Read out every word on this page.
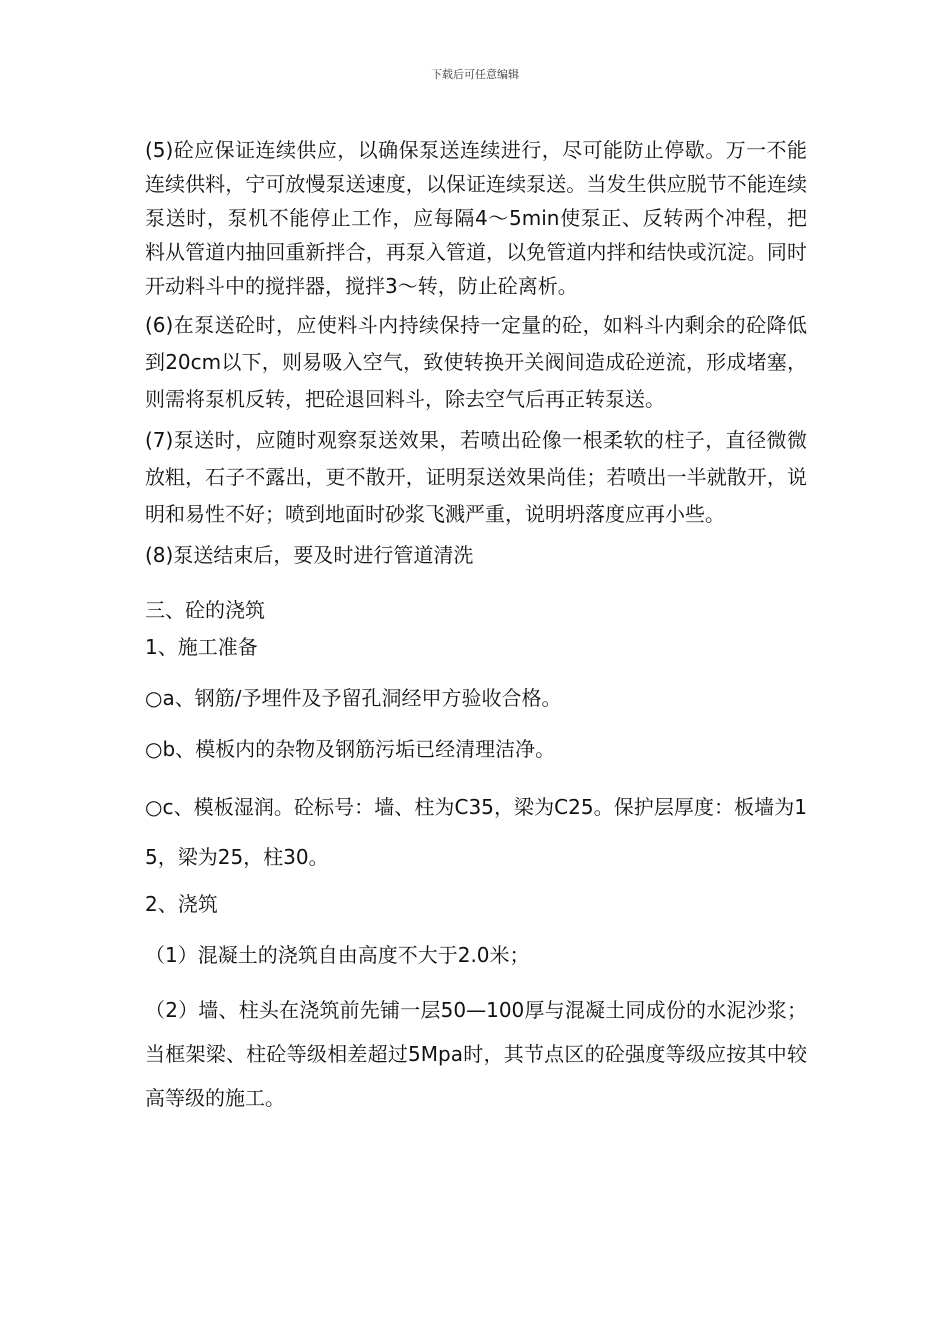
下载后可任意编辑

(5)砼应保证连续供应，以确保泵送连续进行，尽可能防止停歇。万一不能连续供料，宁可放慢泵送速度，以保证连续泵送。当发生供应脱节不能连续泵送时，泵机不能停止工作，应每隔4～5min使泵正、反转两个冲程，把料从管道内抽回重新拌合，再泵入管道，以免管道内拌和结快或沉淀。同时开动料斗中的搅拌器，搅拌3～转，防止砼离析。

(6)在泵送砼时，应使料斗内持续保持一定量的砼，如料斗内剩余的砼降低到20cm以下，则易吸入空气，致使转换开关阀间造成砼逆流，形成堵塞，则需将泵机反转，把砼退回料斗，除去空气后再正转泵送。

(7)泵送时，应随时观察泵送效果，若喷出砼像一根柔软的柱子，直径微微放粗，石子不露出，更不散开，证明泵送效果尚佳；若喷出一半就散开，说明和易性不好；喷到地面时砂浆飞溅严重，说明坍落度应再小些。

(8)泵送结束后，要及时进行管道清洗

三、砼的浇筑

1、施工准备

○a、钢筋/予埋件及予留孔洞经甲方验收合格。

○b、模板内的杂物及钢筋污垢已经清理洁净。

○c、模板湿润。砼标号：墙、柱为C35，梁为C25。保护层厚度：板墙为15，梁为25，柱30。

2、浇筑

（1）混凝土的浇筑自由高度不大于2.0米；

（2）墙、柱头在浇筑前先铺一层50—100厚与混凝土同成份的水泥沙浆；当框架梁、柱砼等级相差超过5Mpa时，其节点区的砼强度等级应按其中较高等级的施工。
